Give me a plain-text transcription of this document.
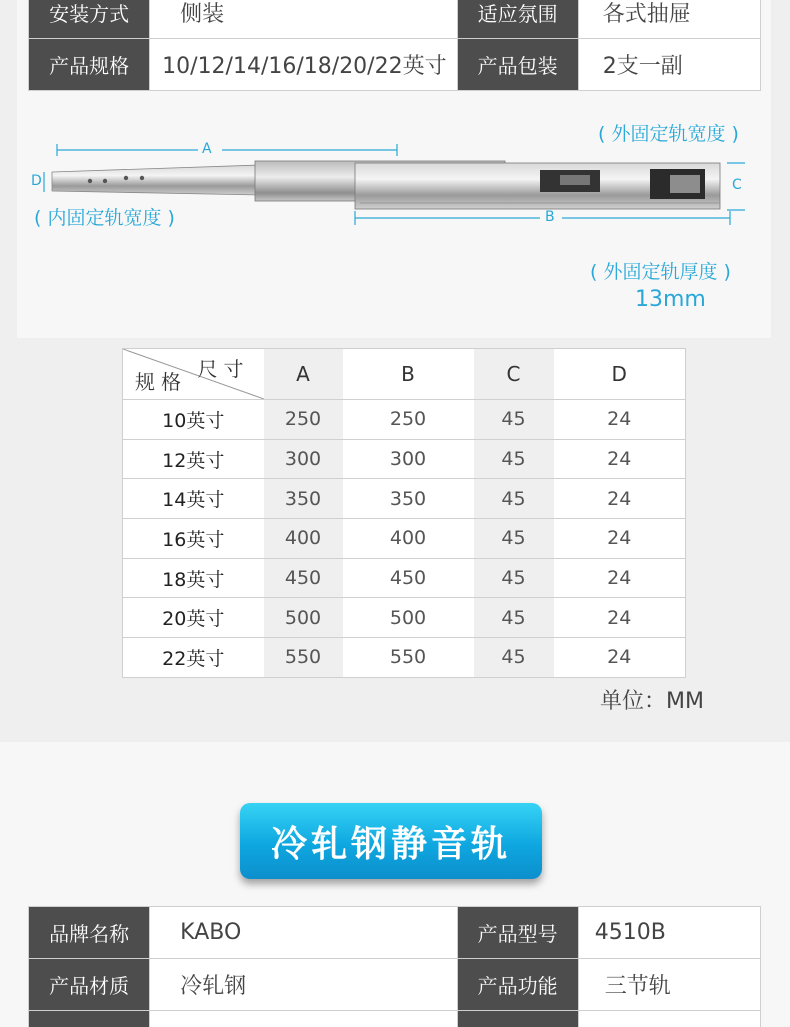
安装方式	侧装	适应氛围	各式抽屉
产品规格	10/12/14/16/18/20/22英寸	产品包装	2支一副
A
B
C
D
( 外固定轨宽度 )
( 内固定轨宽度 )
( 外固定轨厚度 )
13mm
尺寸
规格	A	B	C	D
10英寸	250	250	45	24
12英寸	300	300	45	24
14英寸	350	350	45	24
16英寸	400	400	45	24
18英寸	450	450	45	24
20英寸	500	500	45	24
22英寸	550	550	45	24
单位：MM
冷轧钢静音轨
品牌名称	KABO	产品型号	4510B
产品材质	冷轧钢	产品功能	三节轨
